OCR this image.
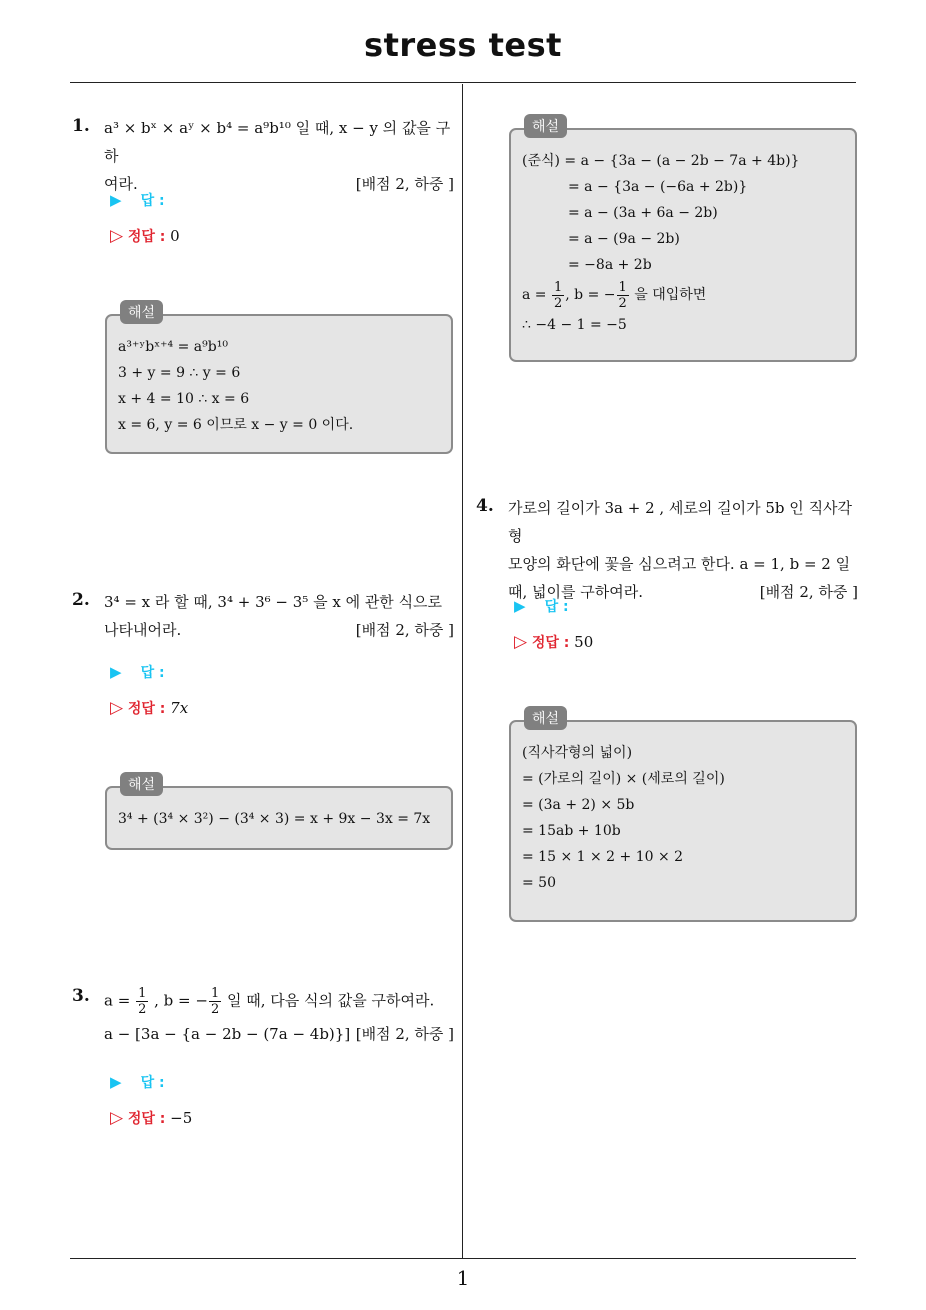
stress test
1
1. a³ × bˣ × aʸ × b⁴ = a⁹b¹⁰ 일 때, x − y 의 값을 구하
여라.	[배점 2, 하중 ]
▶ 답 :
▷ 정답 : 0
해설
a³⁺ʸbˣ⁺⁴ = a⁹b¹⁰
3 + y = 9 ∴ y = 6
x + 4 = 10 ∴ x = 6
x = 6, y = 6 이므로 x − y = 0 이다.
2. 3⁴ = x 라 할 때, 3⁴ + 3⁶ − 3⁵ 을 x 에 관한 식으로
나타내어라.	[배점 2, 하중 ]
▶ 답 :
▷ 정답 : 7x
해설
3⁴ + (3⁴ × 3²) − (3⁴ × 3) = x + 9x − 3x = 7x
3. $a = \frac{1}{2}$ , b = − $\frac{1}{2}$ 일 때, 다음 식의 값을 구하여라.
a − [3a − {a − 2b − (7a − 4b)}] [배점 2, 하중 ]
▶ 답 :
▷ 정답 : −5
해설
(준식) = a − {3a − (a − 2b − 7a + 4b)}
= a − {3a − (−6a + 2b)}
= a − (3a + 6a − 2b)
= a − (9a − 2b)
= −8a + 2b
$a = \frac{1}{2}$ , b = − $\frac{1}{2}$ 을 대입하면
∴ −4 − 1 = −5
4. 가로의 길이가 3a + 2 , 세로의 길이가 5b 인 직사각형
모양의 화단에 꽃을 심으려고 한다. a = 1, b = 2 일
때, 넓이를 구하여라.	[배점 2, 하중 ]
▶ 답 :
▷ 정답 : 50
해설
(직사각형의 넓이)
= (가로의 길이) × (세로의 길이)
= (3a + 2) × 5b
= 15ab + 10b
= 15 × 1 × 2 + 10 × 2
= 50
